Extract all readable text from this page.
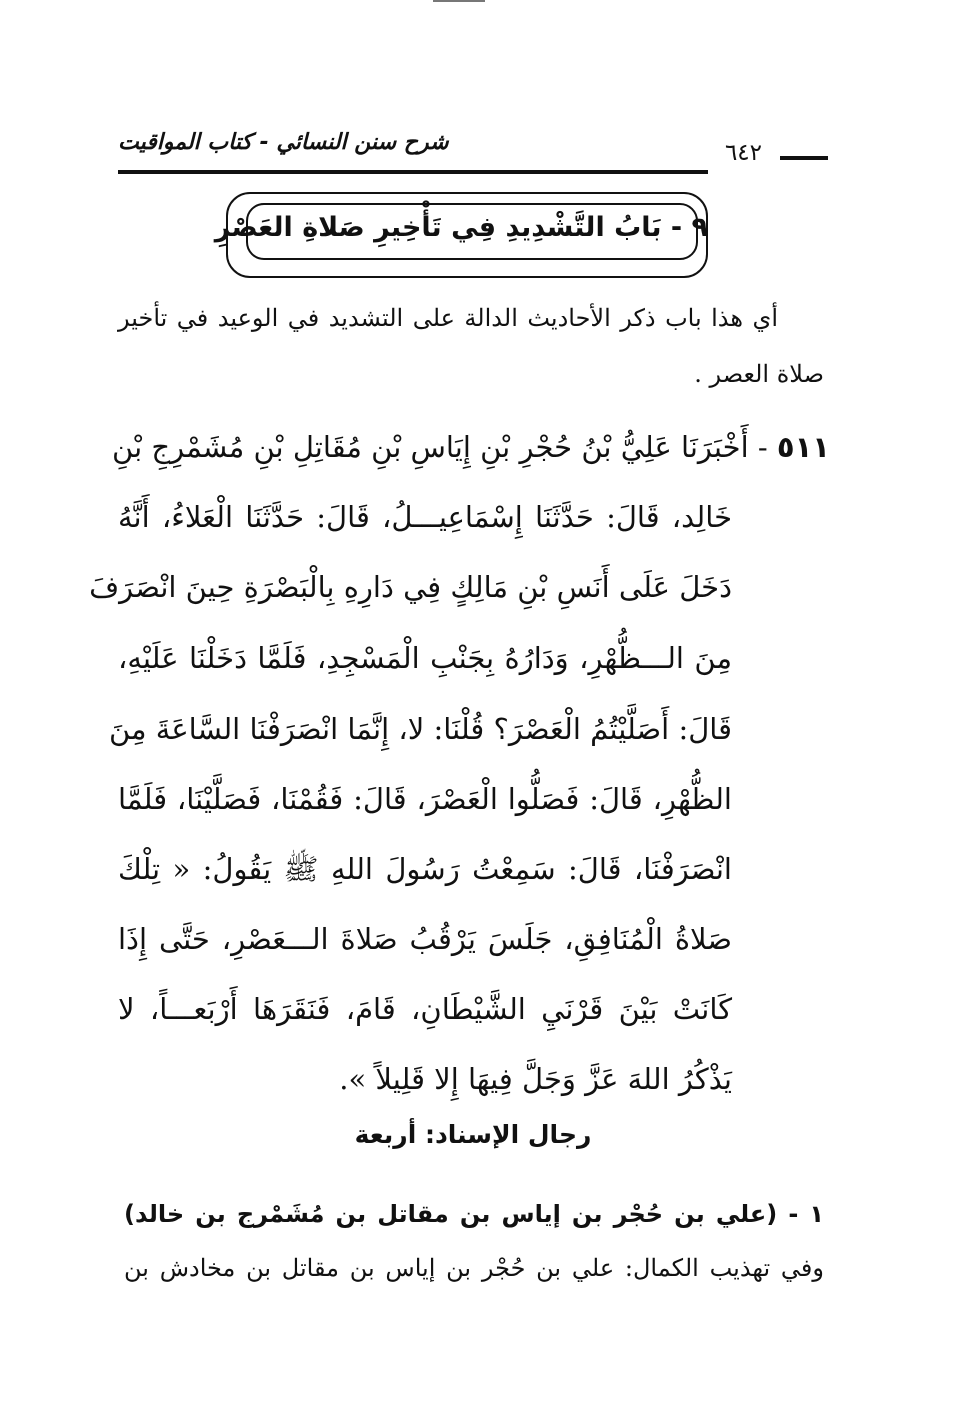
شرح سنن النسائي - كتاب المواقيت	٦٤٢
٩ - بَابُ التَّشْدِيدِ فِي تَأْخِيرِ صَلاةِ العَصْرِ
أي هذا باب ذكر الأحاديث الدالة على التشديد في الوعيد في تأخير
صلاة العصر .
٥١١ - أَخْبَرَنَا عَلِيُّ بْنُ حُجْرِ بْنِ إِيَاسِ بْنِ مُقَاتِلِ بْنِ مُشَمْرِجِ بْنِ
خَالِد، قَالَ: حَدَّثَنَا إِسْمَاعِيـــلُ، قَالَ: حَدَّثَنَا الْعَلاءُ، أَنَّهُ
دَخَلَ عَلَى أَنَسِ بْنِ مَالِكٍ فِي دَارِهِ بِالْبَصْرَةِ حِينَ انْصَرَفَ
مِنَ الـــظُّهْرِ، وَدَارُهُ بِجَنْبِ الْمَسْجِدِ، فَلَمَّا دَخَلْنَا عَلَيْهِ،
قَالَ: أَصَلَّيْتُمُ الْعَصْرَ؟ قُلْنَا: لا، إِنَّمَا انْصَرَفْنَا السَّاعَةَ مِنَ
الظُّهْرِ، قَالَ: فَصَلُّوا الْعَصْرَ، قَالَ: فَقُمْنَا، فَصَلَّيْنَا، فَلَمَّا
انْصَرَفْنَا، قَالَ: سَمِعْتُ رَسُولَ اللهِ ﷺ يَقُولُ: « تِلْكَ
صَلاةُ الْمُنَافِقِ، جَلَسَ يَرْقُبُ صَلاةَ الـــعَصْرِ، حَتَّى إِذَا
كَانَتْ بَيْنَ قَرْنَيِ الشَّيْطَانِ، قَامَ، فَنَقَرَهَا أَرْبَعـــاً، لا
يَذْكُرُ اللهَ عَزَّ وَجَلَّ فِيهَا إِلا قَلِيلاً ».
رجال الإسناد: أربعة
١ - (علي بن حُجْر بن إياس بن مقاتل بن مُشَمْرج بن خالد)
وفي تهذيب الكمال: علي بن حُجْر بن إياس بن مقاتل بن مخادش بن
